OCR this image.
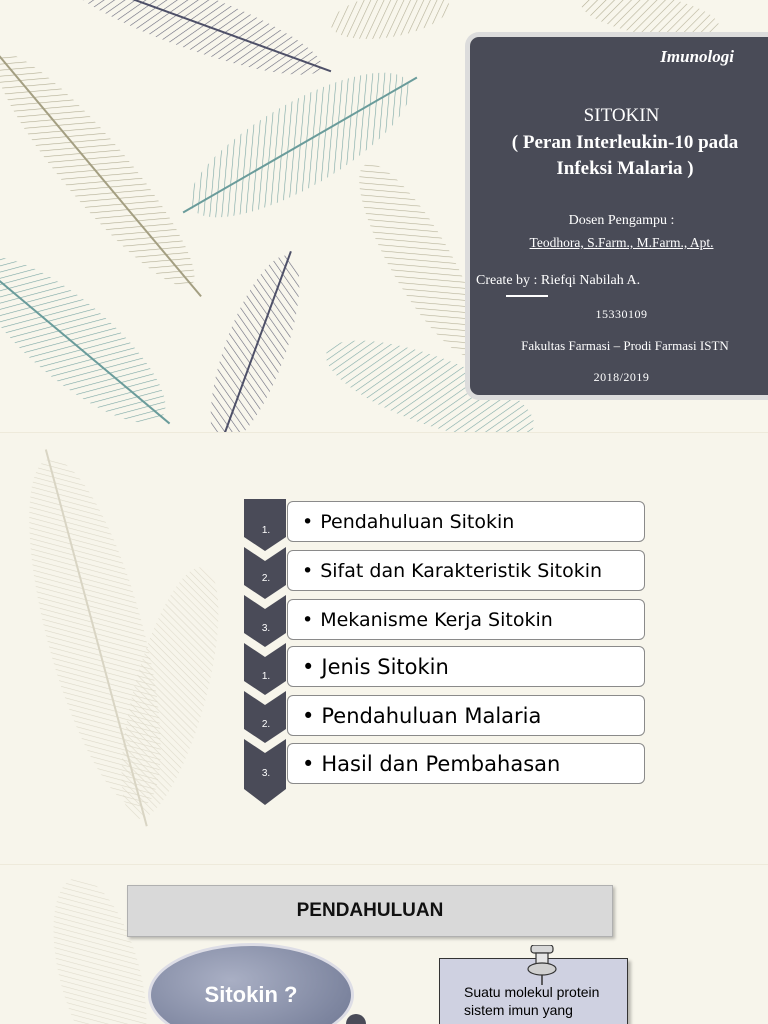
Imunologi
SITOKIN
( Peran Interleukin-10 pada
Infeksi Malaria )
Dosen Pengampu :
Teodhora, S.Farm., M.Farm., Apt.
Create by : Riefqi Nabilah A.
15330109
Fakultas Farmasi – Prodi Farmasi ISTN
2018/2019
1.
2.
3.
1.
2.
3.
• Pendahuluan Sitokin
• Sifat dan Karakteristik Sitokin
• Mekanisme Kerja Sitokin
• Jenis Sitokin
• Pendahuluan Malaria
• Hasil dan Pembahasan
PENDAHULUAN
Sitokin ?	Suatu molekul protein
sistem imun yang
